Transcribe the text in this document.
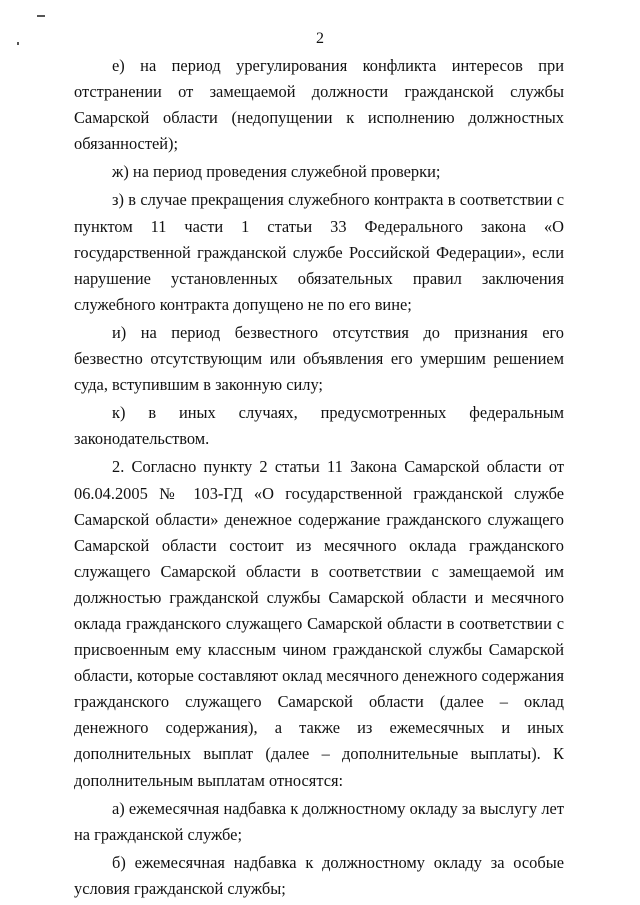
2

е) на период урегулирования конфликта интересов при отстранении от замещаемой должности гражданской службы Самарской области (недопущении к исполнению должностных обязанностей);

ж) на период проведения служебной проверки;

з) в случае прекращения служебного контракта в соответствии с пунктом 11 части 1 статьи 33 Федерального закона «О государственной гражданской службе Российской Федерации», если нарушение установленных обязательных правил заключения служебного контракта допущено не по его вине;

и) на период безвестного отсутствия до признания его безвестно отсутствующим или объявления его умершим решением суда, вступившим в законную силу;

к) в иных случаях, предусмотренных федеральным законодательством.

2. Согласно пункту 2 статьи 11 Закона Самарской области от 06.04.2005 № 103-ГД «О государственной гражданской службе Самарской области» денежное содержание гражданского служащего Самарской области состоит из месячного оклада гражданского служащего Самарской области в соответствии с замещаемой им должностью гражданской службы Самарской области и месячного оклада гражданского служащего Самарской области в соответствии с присвоенным ему классным чином гражданской службы Самарской области, которые составляют оклад месячного денежного содержания гражданского служащего Самарской области (далее – оклад денежного содержания), а также из ежемесячных и иных дополнительных выплат (далее – дополнительные выплаты). К дополнительным выплатам относятся:

а) ежемесячная надбавка к должностному окладу за выслугу лет на гражданской службе;

б) ежемесячная надбавка к должностному окладу за особые условия гражданской службы;
